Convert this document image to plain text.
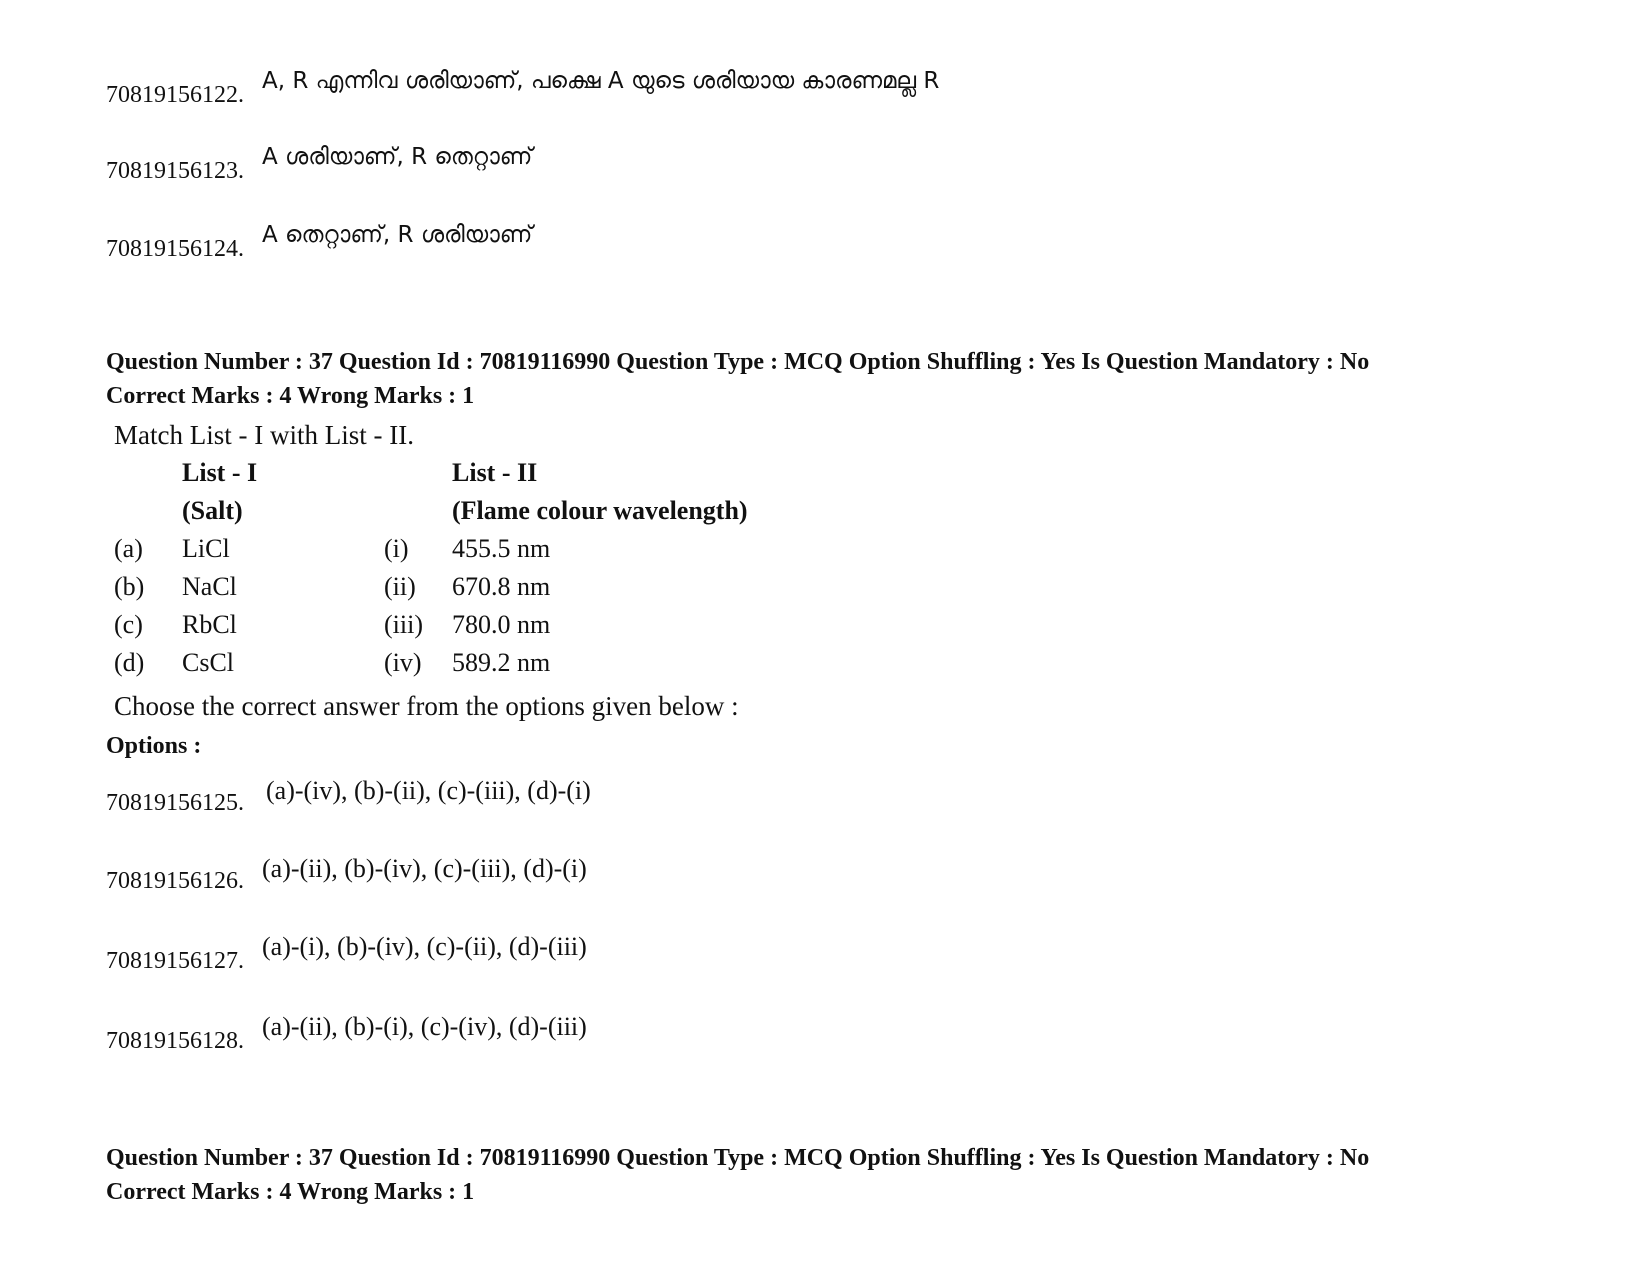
70819156122.
A, R എന്നിവ ശരിയാണ്, പക്ഷെ A യുടെ ശരിയായ കാരണമല്ല R
70819156123.
A ശരിയാണ്, R തെറ്റാണ്
70819156124.
A തെറ്റാണ്, R ശരിയാണ്
Question Number : 37 Question Id : 70819116990 Question Type : MCQ Option Shuffling : Yes Is Question Mandatory : No
Correct Marks : 4 Wrong Marks : 1
Match List - I with List - II.
List - I	List - II
(Salt)	(Flame colour wavelength)
(a) LiCl	(i) 455.5 nm
(b) NaCl	(ii) 670.8 nm
(c) RbCl	(iii) 780.0 nm
(d) CsCl	(iv) 589.2 nm
Choose the correct answer from the options given below :
Options :
70819156125. (a)-(iv), (b)-(ii), (c)-(iii), (d)-(i)
70819156126. (a)-(ii), (b)-(iv), (c)-(iii), (d)-(i)
70819156127. (a)-(i), (b)-(iv), (c)-(ii), (d)-(iii)
70819156128. (a)-(ii), (b)-(i), (c)-(iv), (d)-(iii)
Question Number : 37 Question Id : 70819116990 Question Type : MCQ Option Shuffling : Yes Is Question Mandatory : No
Correct Marks : 4 Wrong Marks : 1
